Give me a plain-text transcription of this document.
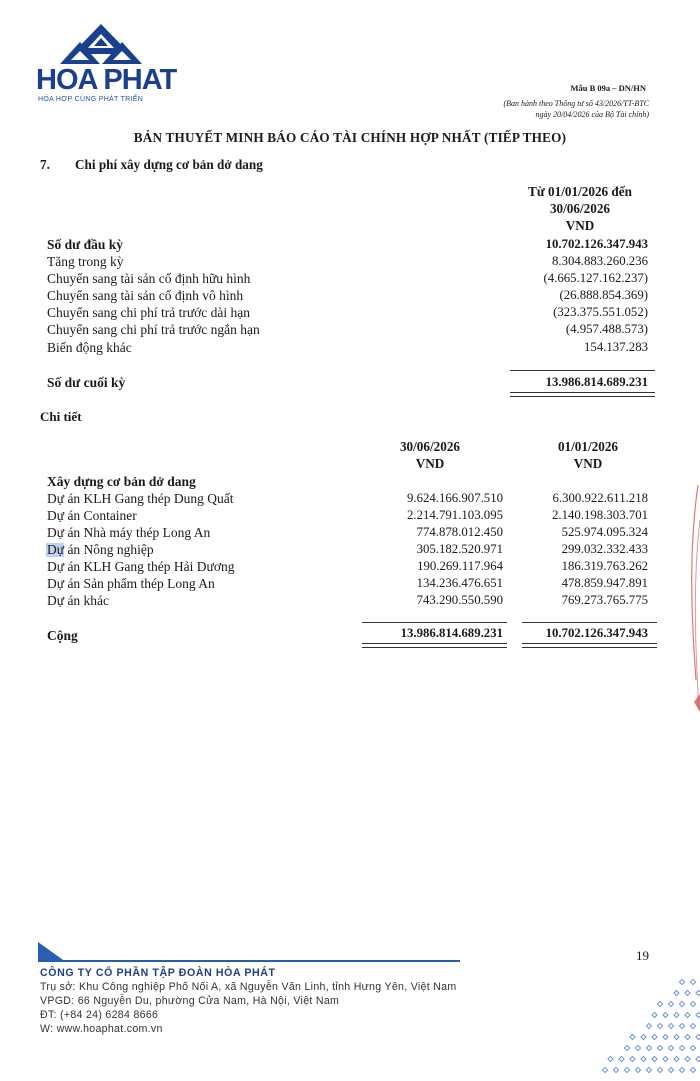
HOA PHAT
HÒA HỢP CÙNG PHÁT TRIỂN
Mẫu B 09a – DN/HN
(Ban hành theo Thông tư số 43/2026/TT-BTC
ngày 20/04/2026 của Bộ Tài chính)
BẢN THUYẾT MINH BÁO CÁO TÀI CHÍNH HỢP NHẤT (TIẾP THEO)
7. Chi phí xây dựng cơ bản dở dang
Từ 01/01/2026 đến
30/06/2026
VND
Số dư đầu kỳ	10.702.126.347.943
Tăng trong kỳ	8.304.883.260.236
Chuyển sang tài sản cố định hữu hình	(4.665.127.162.237)
Chuyển sang tài sản cố định vô hình	(26.888.854.369)
Chuyển sang chi phí trả trước dài hạn	(323.375.551.052)
Chuyển sang chi phí trả trước ngắn hạn	(4.957.488.573)
Biến động khác	154.137.283
Số dư cuối kỳ	13.986.814.689.231
Chi tiết
30/06/2026
VND
01/01/2026
VND
Xây dựng cơ bản dở dang
Dự án KLH Gang thép Dung Quất	9.624.166.907.510	6.300.922.611.218
Dự án Container	2.214.791.103.095	2.140.198.303.701
Dự án Nhà máy thép Long An	774.878.012.450	525.974.095.324
Dự án Nông nghiệp	305.182.520.971	299.032.332.433
Dự án KLH Gang thép Hải Dương	190.269.117.964	186.319.763.262
Dự án Sản phẩm thép Long An	134.236.476.651	478.859.947.891
Dự án khác	743.290.550.590	769.273.765.775
Cộng	13.986.814.689.231	10.702.126.347.943
19
CÔNG TY CỔ PHẦN TẬP ĐOÀN HÒA PHÁT
Trụ sở: Khu Công nghiệp Phố Nối A, xã Nguyễn Văn Linh, tỉnh Hưng Yên, Việt Nam
VPGD: 66 Nguyễn Du, phường Cửa Nam, Hà Nội, Việt Nam
ĐT: (+84 24) 6284 8666
W: www.hoaphat.com.vn
